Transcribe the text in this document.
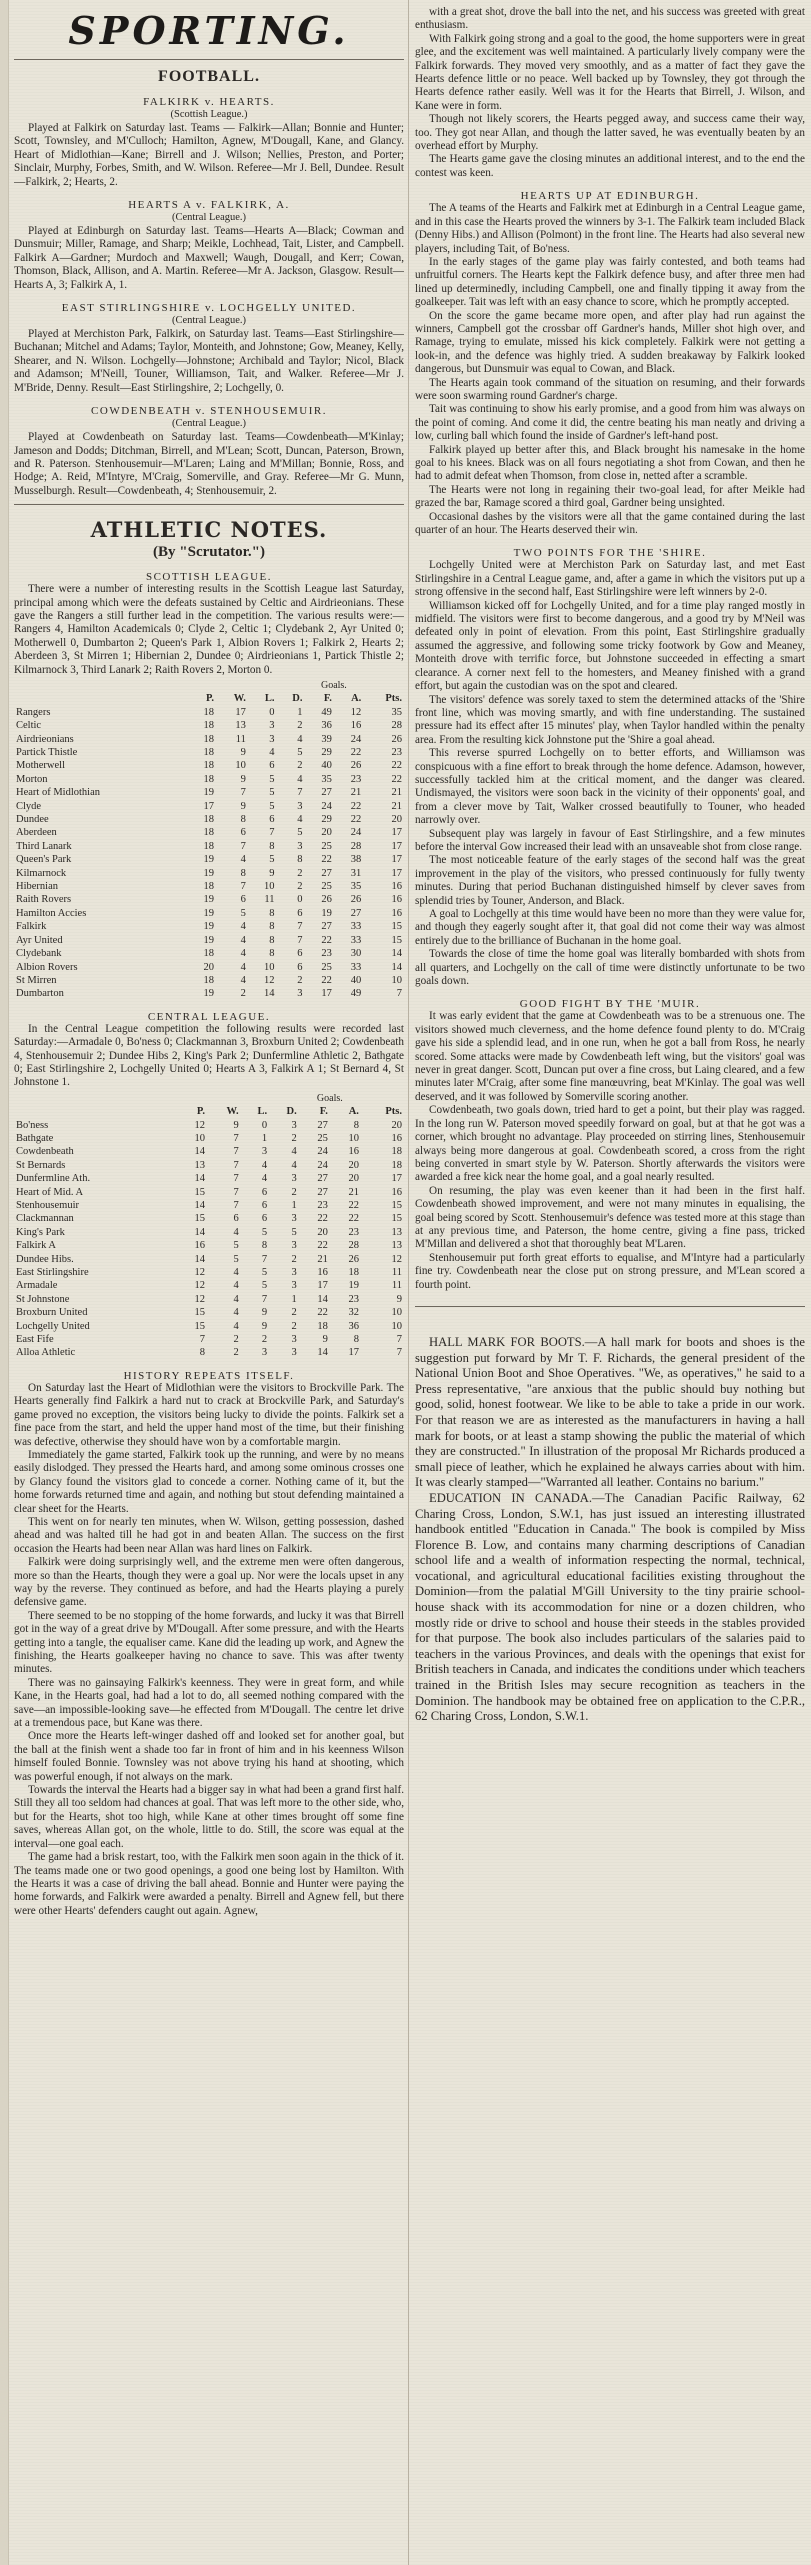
SPORTING.
FOOTBALL.
FALKIRK v. HEARTS.
(Scottish League.)

Played at Falkirk on Saturday last. Teams — Falkirk—Allan; Bonnie and Hunter; Scott, Townsley, and M'Culloch; Hamilton, Agnew, M'Dougall, Kane, and Glancy. Heart of Midlothian—Kane; Birrell and J. Wilson; Nellies, Preston, and Porter; Sinclair, Murphy, Forbes, Smith, and W. Wilson. Referee—Mr J. Bell, Dundee. Result—Falkirk, 2; Hearts, 2.

HEARTS A v. FALKIRK, A.
(Central League.)

Played at Edinburgh on Saturday last. Teams—Hearts A—Black; Cowman and Dunsmuir; Miller, Ramage, and Sharp; Meikle, Lochhead, Tait, Lister, and Campbell. Falkirk A—Gardner; Murdoch and Maxwell; Waugh, Dougall, and Kerr; Cowan, Thomson, Black, Allison, and A. Martin. Referee—Mr A. Jackson, Glasgow. Result—Hearts A, 3; Falkirk A, 1.

EAST STIRLINGSHIRE v. LOCHGELLY UNITED.
(Central League.)

Played at Merchiston Park, Falkirk, on Saturday last. Teams—East Stirlingshire—Buchanan; Mitchel and Adams; Taylor, Monteith, and Johnstone; Gow, Meaney, Kelly, Shearer, and N. Wilson. Lochgelly—Johnstone; Archibald and Taylor; Nicol, Black and Adamson; M'Neill, Touner, Williamson, Tait, and Walker. Referee—Mr J. M'Bride, Denny. Result—East Stirlingshire, 2; Lochgelly, 0.

COWDENBEATH v. STENHOUSEMUIR.
(Central League.)

Played at Cowdenbeath on Saturday last. Teams—Cowdenbeath—M'Kinlay; Jameson and Dodds; Ditchman, Birrell, and M'Lean; Scott, Duncan, Paterson, Brown, and R. Paterson. Stenhousemuir—M'Laren; Laing and M'Millan; Bonnie, Ross, and Hodge; A. Reid, M'Intyre, M'Craig, Somerville, and Gray. Referee—Mr G. Munn, Musselburgh. Result—Cowdenbeath, 4; Stenhousemuir, 2.

ATHLETIC NOTES.
(By "Scrutator.")
SCOTTISH LEAGUE.

There were a number of interesting results in the Scottish League last Saturday, principal among which were the defeats sustained by Celtic and Airdrieonians. These gave the Rangers a still further lead in the competition. The various results were:—Rangers 4, Hamilton Academicals 0; Clyde 2, Celtic 1; Clydebank 2, Ayr United 0; Motherwell 0, Dumbarton 2; Queen's Park 1, Albion Rovers 1; Falkirk 2, Hearts 2; Aberdeen 3, St Mirren 1; Hibernian 2, Dundee 0; Airdrieonians 1, Partick Thistle 2; Kilmarnock 3, Third Lanark 2; Raith Rovers 2, Morton 0.

					Goals.		
	P.	W.	L.	D.	F.	A.	Pts.
Rangers	18	17	0	1	49	12	35
Celtic	18	13	3	2	36	16	28
Airdrieonians	18	11	3	4	39	24	26
Partick Thistle	18	9	4	5	29	22	23
Motherwell	18	10	6	2	40	26	22
Morton	18	9	5	4	35	23	22
Heart of Midlothian	19	7	5	7	27	21	21
Clyde	17	9	5	3	24	22	21
Dundee	18	8	6	4	29	22	20
Aberdeen	18	6	7	5	20	24	17
Third Lanark	18	7	8	3	25	28	17
Queen's Park	19	4	5	8	22	38	17
Kilmarnock	19	8	9	2	27	31	17
Hibernian	18	7	10	2	25	35	16
Raith Rovers	19	6	11	0	26	26	16
Hamilton Accies	19	5	8	6	19	27	16
Falkirk	19	4	8	7	27	33	15
Ayr United	19	4	8	7	22	33	15
Clydebank	18	4	8	6	23	30	14
Albion Rovers	20	4	10	6	25	33	14
St Mirren	18	4	12	2	22	40	10
Dumbarton	19	2	14	3	17	49	7
CENTRAL LEAGUE.

In the Central League competition the following results were recorded last Saturday:—Armadale 0, Bo'ness 0; Clackmannan 3, Broxburn United 2; Cowdenbeath 4, Stenhousemuir 2; Dundee Hibs 2, King's Park 2; Dunfermline Athletic 2, Bathgate 0; East Stirlingshire 2, Lochgelly United 0; Hearts A 3, Falkirk A 1; St Bernard 4, St Johnstone 1.

					Goals.		
	P.	W.	L.	D.	F.	A.	Pts.
Bo'ness	12	9	0	3	27	8	20
Bathgate	10	7	1	2	25	10	16
Cowdenbeath	14	7	3	4	24	16	18
St Bernards	13	7	4	4	24	20	18
Dunfermline Ath.	14	7	4	3	27	20	17
Heart of Mid. A	15	7	6	2	27	21	16
Stenhousemuir	14	7	6	1	23	22	15
Clackmannan	15	6	6	3	22	22	15
King's Park	14	4	5	5	20	23	13
Falkirk A	16	5	8	3	22	28	13
Dundee Hibs.	14	5	7	2	21	26	12
East Stirlingshire	12	4	5	3	16	18	11
Armadale	12	4	5	3	17	19	11
St Johnstone	12	4	7	1	14	23	9
Broxburn United	15	4	9	2	22	32	10
Lochgelly United	15	4	9	2	18	36	10
East Fife	7	2	2	3	9	8	7
Alloa Athletic	8	2	3	3	14	17	7
HISTORY REPEATS ITSELF.

On Saturday last the Heart of Midlothian were the visitors to Brockville Park. The Hearts generally find Falkirk a hard nut to crack at Brockville Park, and Saturday's game proved no exception, the visitors being lucky to divide the points. Falkirk set a fine pace from the start, and held the upper hand most of the time, but their finishing was defective, otherwise they should have won by a comfortable margin.

Immediately the game started, Falkirk took up the running, and were by no means easily dislodged. They pressed the Hearts hard, and among some ominous crosses one by Glancy found the visitors glad to concede a corner. Nothing came of it, but the home forwards returned time and again, and nothing but stout defending maintained a clear sheet for the Hearts.

This went on for nearly ten minutes, when W. Wilson, getting possession, dashed ahead and was halted till he had got in and beaten Allan. The success on the first occasion the Hearts had been near Allan was hard lines on Falkirk.

Falkirk were doing surprisingly well, and the extreme men were often dangerous, more so than the Hearts, though they were a goal up. Nor were the locals upset in any way by the reverse. They continued as before, and had the Hearts playing a purely defensive game.

There seemed to be no stopping of the home forwards, and lucky it was that Birrell got in the way of a great drive by M'Dougall. After some pressure, and with the Hearts getting into a tangle, the equaliser came. Kane did the leading up work, and Agnew the finishing, the Hearts goalkeeper having no chance to save. This was after twenty minutes.

There was no gainsaying Falkirk's keenness. They were in great form, and while Kane, in the Hearts goal, had had a lot to do, all seemed nothing compared with the save—an impossible-looking save—he effected from M'Dougall. The centre let drive at a tremendous pace, but Kane was there.

Once more the Hearts left-winger dashed off and looked set for another goal, but the ball at the finish went a shade too far in front of him and in his keenness Wilson himself fouled Bonnie. Townsley was not above trying his hand at shooting, which was powerful enough, if not always on the mark.

Towards the interval the Hearts had a bigger say in what had been a grand first half. Still they all too seldom had chances at goal. That was left more to the other side, who, but for the Hearts, shot too high, while Kane at other times brought off some fine saves, whereas Allan got, on the whole, little to do. Still, the score was equal at the interval—one goal each.

The game had a brisk restart, too, with the Falkirk men soon again in the thick of it. The teams made one or two good openings, a good one being lost by Hamilton. With the Hearts it was a case of driving the ball ahead. Bonnie and Hunter were paying the home forwards, and Falkirk were awarded a penalty. Birrell and Agnew fell, but there were other Hearts' defenders caught out again. Agnew,

with a great shot, drove the ball into the net, and his success was greeted with great enthusiasm.

With Falkirk going strong and a goal to the good, the home supporters were in great glee, and the excitement was well maintained. A particularly lively company were the Falkirk forwards. They moved very smoothly, and as a matter of fact they gave the Hearts defence little or no peace. Well backed up by Townsley, they got through the Hearts defence rather easily. Well was it for the Hearts that Birrell, J. Wilson, and Kane were in form.

Though not likely scorers, the Hearts pegged away, and success came their way, too. They got near Allan, and though the latter saved, he was eventually beaten by an overhead effort by Murphy.

The Hearts game gave the closing minutes an additional interest, and to the end the contest was keen.

HEARTS UP AT EDINBURGH.

The A teams of the Hearts and Falkirk met at Edinburgh in a Central League game, and in this case the Hearts proved the winners by 3-1. The Falkirk team included Black (Denny Hibs.) and Allison (Polmont) in the front line. The Hearts had also several new players, including Tait, of Bo'ness.

In the early stages of the game play was fairly contested, and both teams had unfruitful corners. The Hearts kept the Falkirk defence busy, and after three men had lined up determinedly, including Campbell, one and finally tipping it away from the goalkeeper. Tait was left with an easy chance to score, which he promptly accepted.

On the score the game became more open, and after play had run against the winners, Campbell got the crossbar off Gardner's hands, Miller shot high over, and Ramage, trying to emulate, missed his kick completely. Falkirk were not getting a look-in, and the defence was highly tried. A sudden breakaway by Falkirk looked dangerous, but Dunsmuir was equal to Cowan, and Black.

The Hearts again took command of the situation on resuming, and their forwards were soon swarming round Gardner's charge.

Tait was continuing to show his early promise, and a good from him was always on the point of coming. And come it did, the centre beating his man neatly and driving a low, curling ball which found the inside of Gardner's left-hand post.

Falkirk played up better after this, and Black brought his namesake in the home goal to his knees. Black was on all fours negotiating a shot from Cowan, and then he had to admit defeat when Thomson, from close in, netted after a scramble.

The Hearts were not long in regaining their two-goal lead, for after Meikle had grazed the bar, Ramage scored a third goal, Gardner being unsighted.

Occasional dashes by the visitors were all that the game contained during the last quarter of an hour. The Hearts deserved their win.

TWO POINTS FOR THE 'SHIRE.

Lochgelly United were at Merchiston Park on Saturday last, and met East Stirlingshire in a Central League game, and, after a game in which the visitors put up a strong offensive in the second half, East Stirlingshire were left winners by 2-0.

Williamson kicked off for Lochgelly United, and for a time play ranged mostly in midfield. The visitors were first to become dangerous, and a good try by M'Neil was defeated only in point of elevation. From this point, East Stirlingshire gradually assumed the aggressive, and following some tricky footwork by Gow and Meaney, Monteith drove with terrific force, but Johnstone succeeded in effecting a smart clearance. A corner next fell to the homesters, and Meaney finished with a grand effort, but again the custodian was on the spot and cleared.

The visitors' defence was sorely taxed to stem the determined attacks of the 'Shire front line, which was moving smartly, and with fine understanding. The sustained pressure had its effect after 15 minutes' play, when Taylor handled within the penalty area. From the resulting kick Johnstone put the 'Shire a goal ahead.

This reverse spurred Lochgelly on to better efforts, and Williamson was conspicuous with a fine effort to break through the home defence. Adamson, however, successfully tackled him at the critical moment, and the danger was cleared. Undismayed, the visitors were soon back in the vicinity of their opponents' goal, and from a clever move by Tait, Walker crossed beautifully to Touner, who headed narrowly over.

Subsequent play was largely in favour of East Stirlingshire, and a few minutes before the interval Gow increased their lead with an unsaveable shot from close range.

The most noticeable feature of the early stages of the second half was the great improvement in the play of the visitors, who pressed continuously for fully twenty minutes. During that period Buchanan distinguished himself by clever saves from splendid tries by Touner, Anderson, and Black.

A goal to Lochgelly at this time would have been no more than they were value for, and though they eagerly sought after it, that goal did not come their way was almost entirely due to the brilliance of Buchanan in the home goal.

Towards the close of time the home goal was literally bombarded with shots from all quarters, and Lochgelly on the call of time were distinctly unfortunate to be two goals down.

GOOD FIGHT BY THE 'MUIR.

It was early evident that the game at Cowdenbeath was to be a strenuous one. The visitors showed much cleverness, and the home defence found plenty to do. M'Craig gave his side a splendid lead, and in one run, when he got a ball from Ross, he nearly scored. Some attacks were made by Cowdenbeath left wing, but the visitors' goal was never in great danger. Scott, Duncan put over a fine cross, but Laing cleared, and a few minutes later M'Craig, after some fine manœuvring, beat M'Kinlay. The goal was well deserved, and it was followed by Somerville scoring another.

Cowdenbeath, two goals down, tried hard to get a point, but their play was ragged. In the long run W. Paterson moved speedily forward on goal, but at that he got was a corner, which brought no advantage. Play proceeded on stirring lines, Stenhousemuir always being more dangerous at goal. Cowdenbeath scored, a cross from the right being converted in smart style by W. Paterson. Shortly afterwards the visitors were awarded a free kick near the home goal, and a goal nearly resulted.

On resuming, the play was even keener than it had been in the first half. Cowdenbeath showed improvement, and were not many minutes in equalising, the goal being scored by Scott. Stenhousemuir's defence was tested more at this stage than at any previous time, and Paterson, the home centre, giving a fine pass, tricked M'Millan and delivered a shot that thoroughly beat M'Laren.

Stenhousemuir put forth great efforts to equalise, and M'Intyre had a particularly fine try. Cowdenbeath near the close put on strong pressure, and M'Lean scored a fourth point.

HALL MARK FOR BOOTS.—A hall mark for boots and shoes is the suggestion put forward by Mr T. F. Richards, the general president of the National Union Boot and Shoe Operatives. "We, as operatives," he said to a Press representative, "are anxious that the public should buy nothing but good, solid, honest footwear. We like to be able to take a pride in our work. For that reason we are as interested as the manufacturers in having a hall mark for boots, or at least a stamp showing the public the material of which they are constructed." In illustration of the proposal Mr Richards produced a small piece of leather, which he explained he always carries about with him. It was clearly stamped—"Warranted all leather. Contains no barium."

EDUCATION IN CANADA.—The Canadian Pacific Railway, 62 Charing Cross, London, S.W.1, has just issued an interesting illustrated handbook entitled "Education in Canada." The book is compiled by Miss Florence B. Low, and contains many charming descriptions of Canadian school life and a wealth of information respecting the normal, technical, vocational, and agricultural educational facilities existing throughout the Dominion—from the palatial M'Gill University to the tiny prairie school-house shack with its accommodation for nine or a dozen children, who mostly ride or drive to school and house their steeds in the stables provided for that purpose. The book also includes particulars of the salaries paid to teachers in the various Provinces, and deals with the openings that exist for British teachers in Canada, and indicates the conditions under which teachers trained in the British Isles may secure recognition as teachers in the Dominion. The handbook may be obtained free on application to the C.P.R., 62 Charing Cross, London, S.W.1.
